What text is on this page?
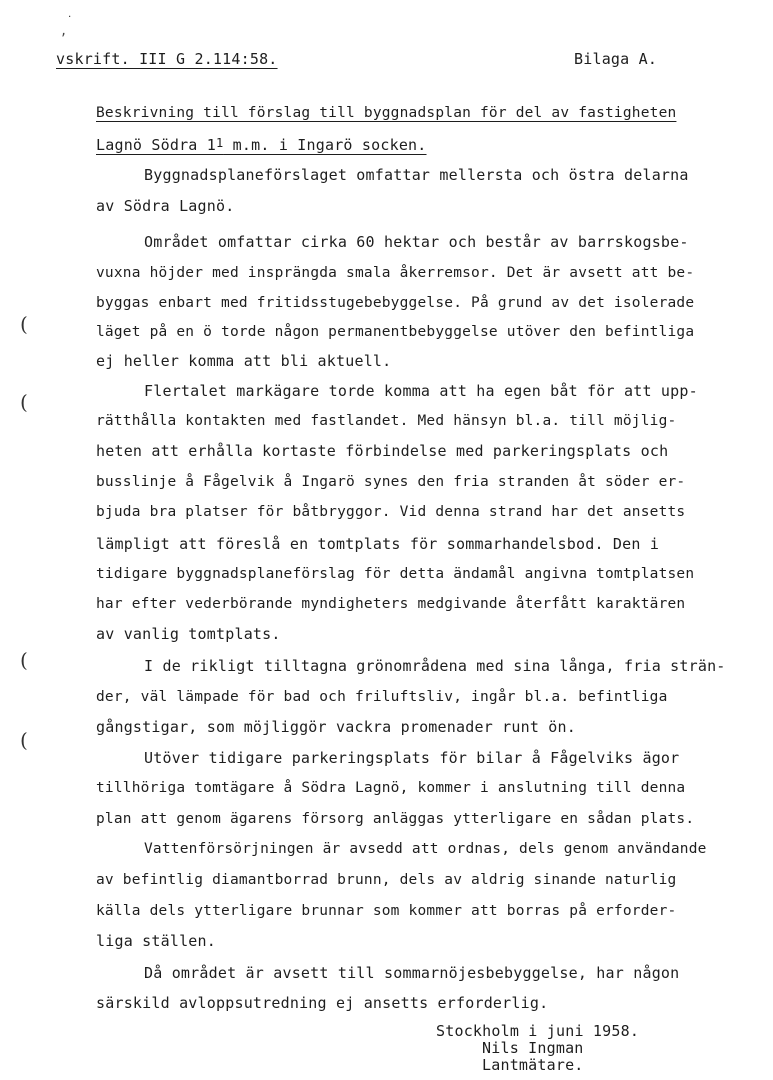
˙
,
vskrift. III G 2.114:58.	Bilaga A.
Beskrivning till förslag till byggnadsplan för del av fastigheten
Lagnö Södra $1^1$ m.m. i Ingarö socken.
Byggnadsplaneförslaget omfattar mellersta och östra delarna
av Södra Lagnö.
Området omfattar cirka 60 hektar och består av barrskogsbe-
vuxna höjder med insprängda smala åkerremsor. Det är avsett att be-
byggas enbart med fritidsstugebebyggelse. På grund av det isolerade
läget på en ö torde någon permanentbebyggelse utöver den befintliga
ej heller komma att bli aktuell.
Flertalet markägare torde komma att ha egen båt för att upp-
rätthålla kontakten med fastlandet. Med hänsyn bl.a. till möjlig-
heten att erhålla kortaste förbindelse med parkeringsplats och
busslinje å Fågelvik å Ingarö synes den fria stranden åt söder er-
bjuda bra platser för båtbryggor. Vid denna strand har det ansetts
lämpligt att föreslå en tomtplats för sommarhandelsbod. Den i
tidigare byggnadsplaneförslag för detta ändamål angivna tomtplatsen
har efter vederbörande myndigheters medgivande återfått karaktären
av vanlig tomtplats.
I de rikligt tilltagna grönområdena med sina långa, fria strän-
der, väl lämpade för bad och friluftsliv, ingår bl.a. befintliga
gångstigar, som möjliggör vackra promenader runt ön.
Utöver tidigare parkeringsplats för bilar å Fågelviks ägor
tillhöriga tomtägare å Södra Lagnö, kommer i anslutning till denna
plan att genom ägarens försorg anläggas ytterligare en sådan plats.
Vattenförsörjningen är avsedd att ordnas, dels genom användande
av befintlig diamantborrad brunn, dels av aldrig sinande naturlig
källa dels ytterligare brunnar som kommer att borras på erforder-
liga ställen.
Då området är avsett till sommarnöjesbebyggelse, har någon
särskild avloppsutredning ej ansetts erforderlig.
Stockholm i juni 1958.
Nils Ingman
Lantmätare.
(
(
(
(
